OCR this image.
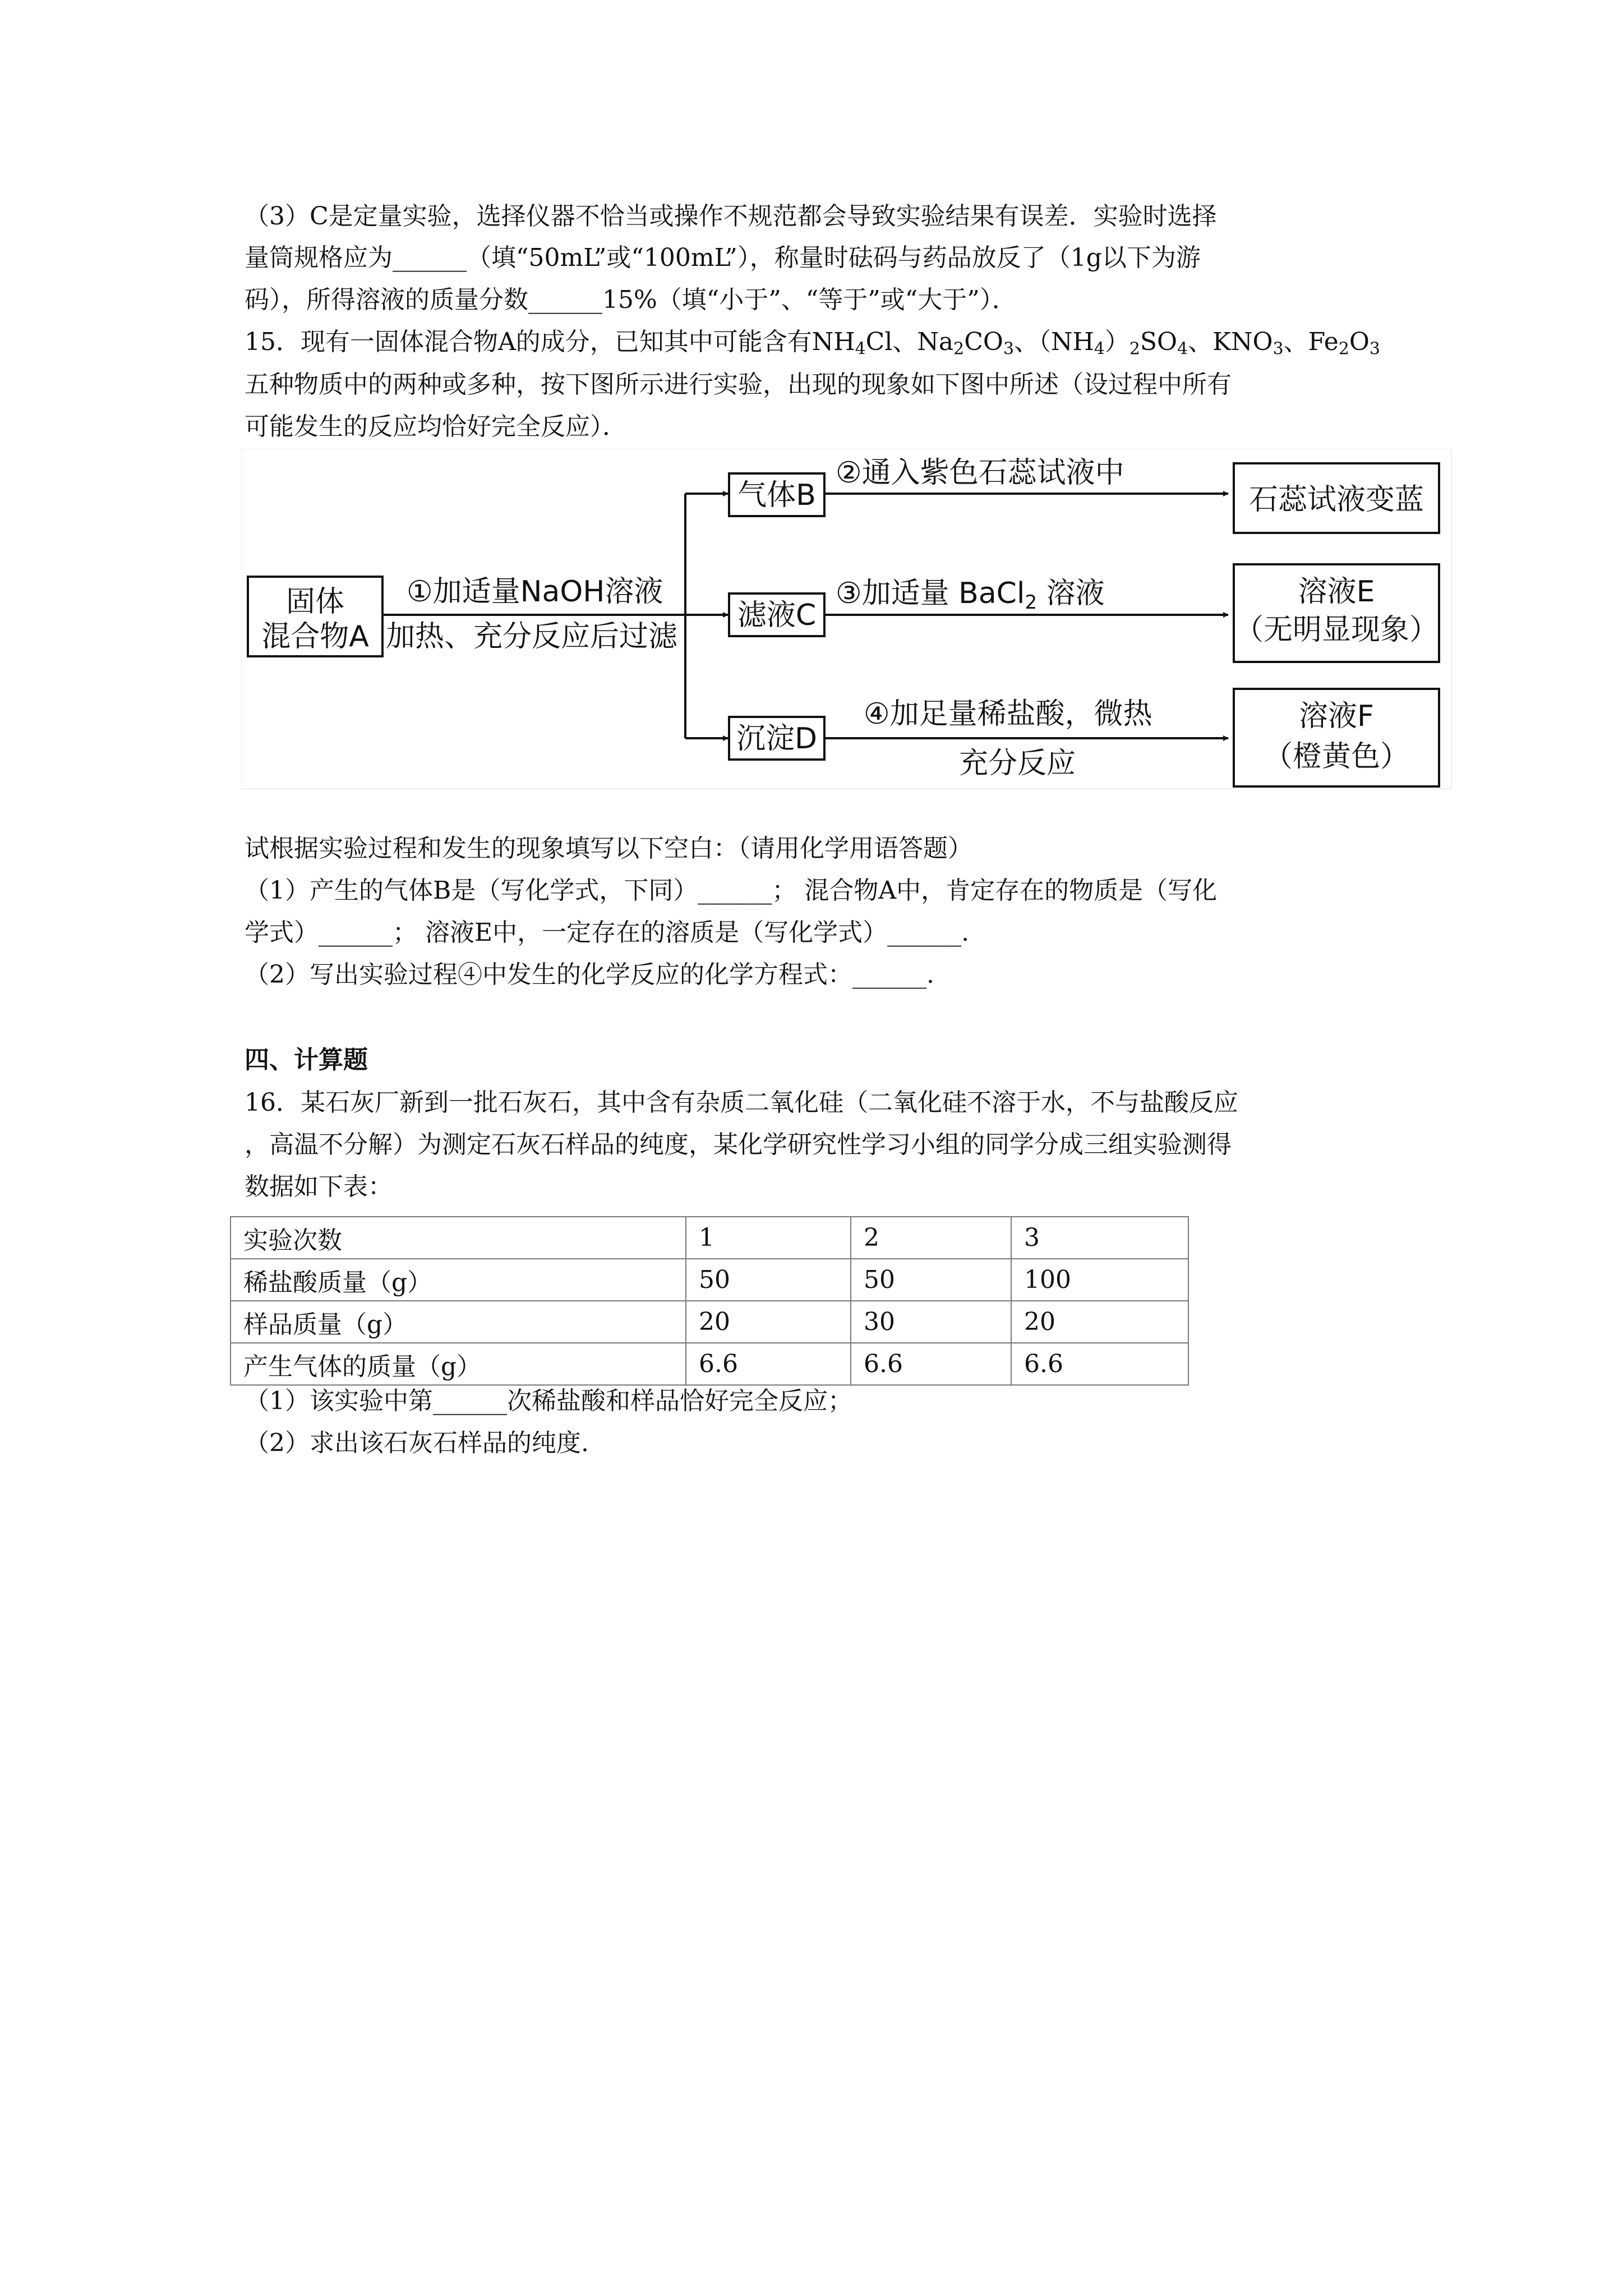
（3）C是定量实验，选择仪器不恰当或操作不规范都会导致实验结果有误差．实验时选择
量筒规格应为______（填“50mL”或“100mL”），称量时砝码与药品放反了（1g以下为游
码），所得溶液的质量分数______15%（填“小于”、“等于”或“大于”）．
15．现有一固体混合物A的成分，已知其中可能含有$NH_4Cl$、$Na_2CO_3$、$(NH_4)_2SO_4$、$KNO_3$、$Fe_2O_3$
五种物质中的两种或多种，按下图所示进行实验，出现的现象如下图中所述（设过程中所有
可能发生的反应均恰好完全反应）．
固体
混合物A
①加适量NaOH溶液
加热、充分反应后过滤
气体B
滤液C
沉淀D
②通入紫色石蕊试液中
③加适量 BaCl2 溶液
④加足量稀盐酸，微热
充分反应
石蕊试液变蓝
溶液E
（无明显现象）
溶液F
（橙黄色）
试根据实验过程和发生的现象填写以下空白：（请用化学用语答题）
（1）产生的气体B是（写化学式，下同）______； 混合物A中，肯定存在的物质是（写化
学式）______； 溶液E中，一定存在的溶质是（写化学式）______.
（2）写出实验过程④中发生的化学反应的化学方程式：______.
四、计算题
16．某石灰厂新到一批石灰石，其中含有杂质二氧化硅（二氧化硅不溶于水，不与盐酸反应
，高温不分解）为测定石灰石样品的纯度，某化学研究性学习小组的同学分成三组实验测得
数据如下表：
实验次数	1	2	3
稀盐酸质量（g）	50	50	100
样品质量（g）	20	30	20
产生气体的质量（g）	6.6	6.6	6.6
（1）该实验中第______次稀盐酸和样品恰好完全反应；
（2）求出该石灰石样品的纯度.
